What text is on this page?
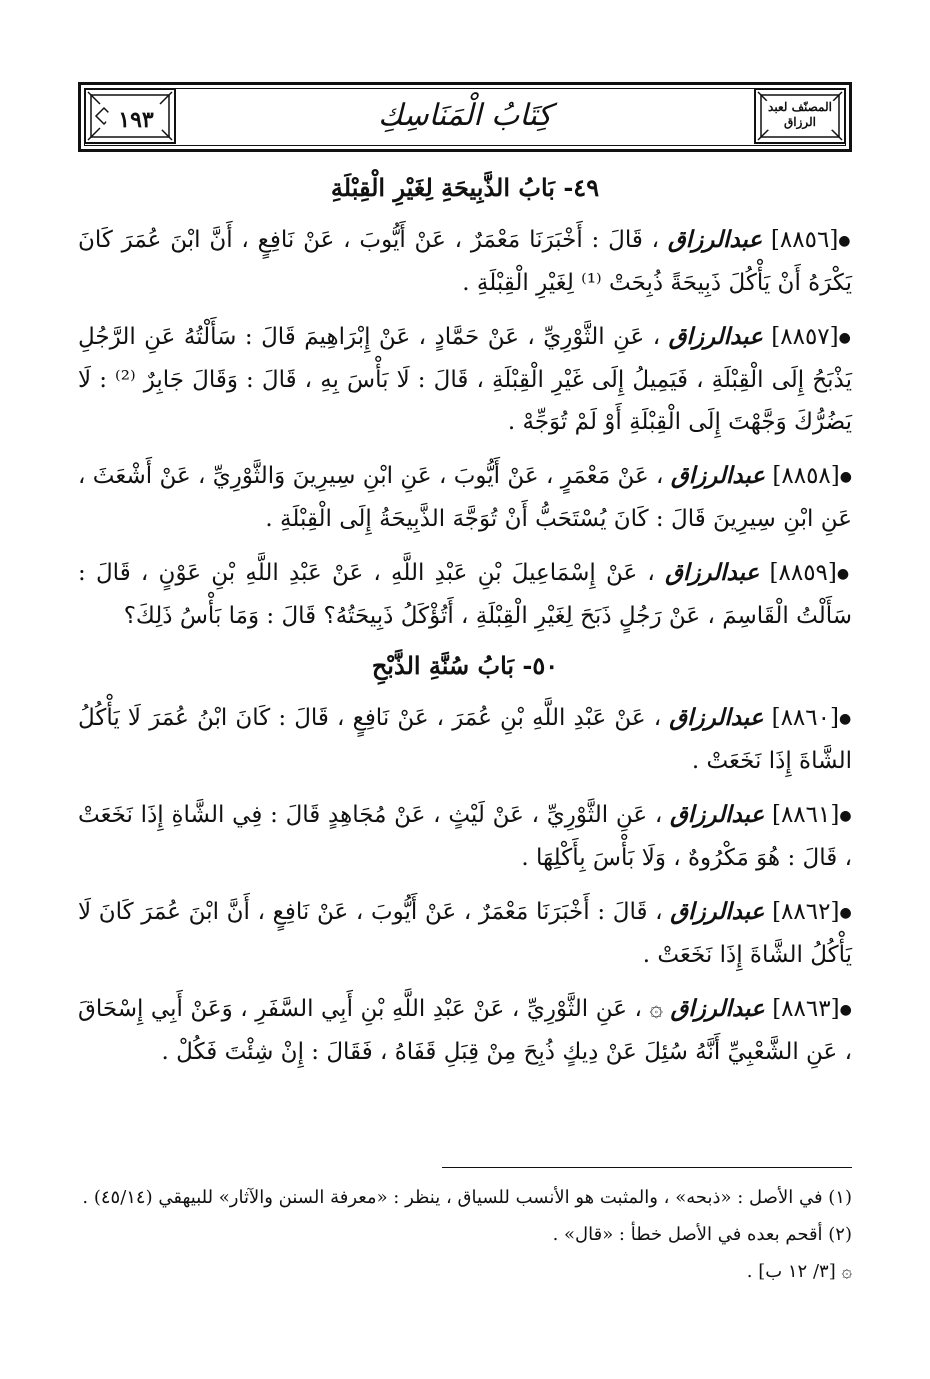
١٩٣	كِتَابُ الْمَنَاسِكِ	المصنّف لعبد الرزاق
٤٩- بَابُ الذَّبِيحَةِ لِغَيْرِ الْقِبْلَةِ

●[٨٨٥٦] عبدالرزاق ، قَالَ : أَخْبَرَنَا مَعْمَرٌ ، عَنْ أَيُّوبَ ، عَنْ نَافِعٍ ، أَنَّ ابْنَ عُمَرَ كَانَ يَكْرَهُ أَنْ يَأْكُلَ ذَبِيحَةً ذُبِحَتْ ⁽¹⁾ لِغَيْرِ الْقِبْلَةِ .

●[٨٨٥٧] عبدالرزاق ، عَنِ الثَّوْرِيِّ ، عَنْ حَمَّادٍ ، عَنْ إِبْرَاهِيمَ قَالَ : سَأَلْتُهُ عَنِ الرَّجُلِ يَذْبَحُ إِلَى الْقِبْلَةِ ، فَيَمِيلُ إِلَى غَيْرِ الْقِبْلَةِ ، قَالَ : لَا بَأْسَ بِهِ ، قَالَ : وَقَالَ جَابِرٌ ⁽²⁾ : لَا يَضُرُّكَ وَجَّهْتَ إِلَى الْقِبْلَةِ أَوْ لَمْ تُوَجِّهْ .

●[٨٨٥٨] عبدالرزاق ، عَنْ مَعْمَرٍ ، عَنْ أَيُّوبَ ، عَنِ ابْنِ سِيرِينَ وَالثَّوْرِيِّ ، عَنْ أَشْعَثَ ، عَنِ ابْنِ سِيرِينَ قَالَ : كَانَ يُسْتَحَبُّ أَنْ تُوَجَّهَ الذَّبِيحَةُ إِلَى الْقِبْلَةِ .

●[٨٨٥٩] عبدالرزاق ، عَنْ إِسْمَاعِيلَ بْنِ عَبْدِ اللَّهِ ، عَنْ عَبْدِ اللَّهِ بْنِ عَوْنٍ ، قَالَ : سَأَلْتُ الْقَاسِمَ ، عَنْ رَجُلٍ ذَبَحَ لِغَيْرِ الْقِبْلَةِ ، أَتُؤْكَلُ ذَبِيحَتُهُ؟ قَالَ : وَمَا بَأْسُ ذَلِكَ؟

٥٠- بَابُ سُنَّةِ الذَّبْحِ

●[٨٨٦٠] عبدالرزاق ، عَنْ عَبْدِ اللَّهِ بْنِ عُمَرَ ، عَنْ نَافِعٍ ، قَالَ : كَانَ ابْنُ عُمَرَ لَا يَأْكُلُ الشَّاةَ إِذَا نَخَعَتْ .

●[٨٨٦١] عبدالرزاق ، عَنِ الثَّوْرِيِّ ، عَنْ لَيْثٍ ، عَنْ مُجَاهِدٍ قَالَ : فِي الشَّاةِ إِذَا نَخَعَتْ ، قَالَ : هُوَ مَكْرُوهٌ ، وَلَا بَأْسَ بِأَكْلِهَا .

●[٨٨٦٢] عبدالرزاق ، قَالَ : أَخْبَرَنَا مَعْمَرٌ ، عَنْ أَيُّوبَ ، عَنْ نَافِعٍ ، أَنَّ ابْنَ عُمَرَ كَانَ لَا يَأْكُلُ الشَّاةَ إِذَا نَخَعَتْ .

●[٨٨٦٣] عبدالرزاق ۞ ، عَنِ الثَّوْرِيِّ ، عَنْ عَبْدِ اللَّهِ بْنِ أَبِي السَّفَرِ ، وَعَنْ أَبِي إِسْحَاقَ ، عَنِ الشَّعْبِيِّ أَنَّهُ سُئِلَ عَنْ دِيكٍ ذُبِحَ مِنْ قِبَلِ قَفَاهُ ، فَقَالَ : إِنْ شِئْتَ فَكُلْ .

(١) في الأصل : «ذبحه» ، والمثبت هو الأنسب للسياق ، ينظر : «معرفة السنن والآثار» للبيهقي (٤٥/١٤) .

(٢) أقحم بعده في الأصل خطأ : «قال» .

۞ [٣/ ١٢ ب] .
